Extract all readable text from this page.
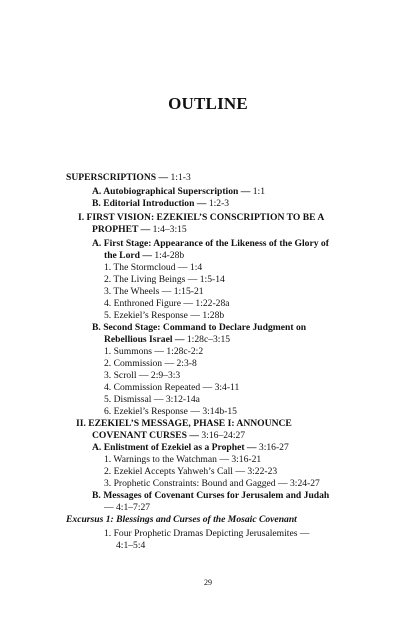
OUTLINE
SUPERSCRIPTIONS — 1:1-3
A. Autobiographical Superscription — 1:1
B. Editorial Introduction — 1:2-3
I. FIRST VISION: EZEKIEL’S CONSCRIPTION TO BE A
PROPHET — 1:4–3:15
A. First Stage: Appearance of the Likeness of the Glory of
the Lord — 1:4-28b
1. The Stormcloud — 1:4
2. The Living Beings — 1:5-14
3. The Wheels — 1:15-21
4. Enthroned Figure — 1:22-28a
5. Ezekiel’s Response — 1:28b
B. Second Stage: Command to Declare Judgment on
Rebellious Israel — 1:28c–3:15
1. Summons — 1:28c-2:2
2. Commission — 2:3-8
3. Scroll — 2:9–3:3
4. Commission Repeated — 3:4-11
5. Dismissal — 3:12-14a
6. Ezekiel’s Response — 3:14b-15
II. EZEKIEL’S MESSAGE, PHASE I: ANNOUNCE
COVENANT CURSES — 3:16–24:27
A. Enlistment of Ezekiel as a Prophet — 3:16-27
1. Warnings to the Watchman — 3:16-21
2. Ezekiel Accepts Yahweh’s Call — 3:22-23
3. Prophetic Constraints: Bound and Gagged — 3:24-27
B. Messages of Covenant Curses for Jerusalem and Judah
— 4:1–7:27
Excursus 1: Blessings and Curses of the Mosaic Covenant
1. Four Prophetic Dramas Depicting Jerusalemites —
4:1–5:4
29
